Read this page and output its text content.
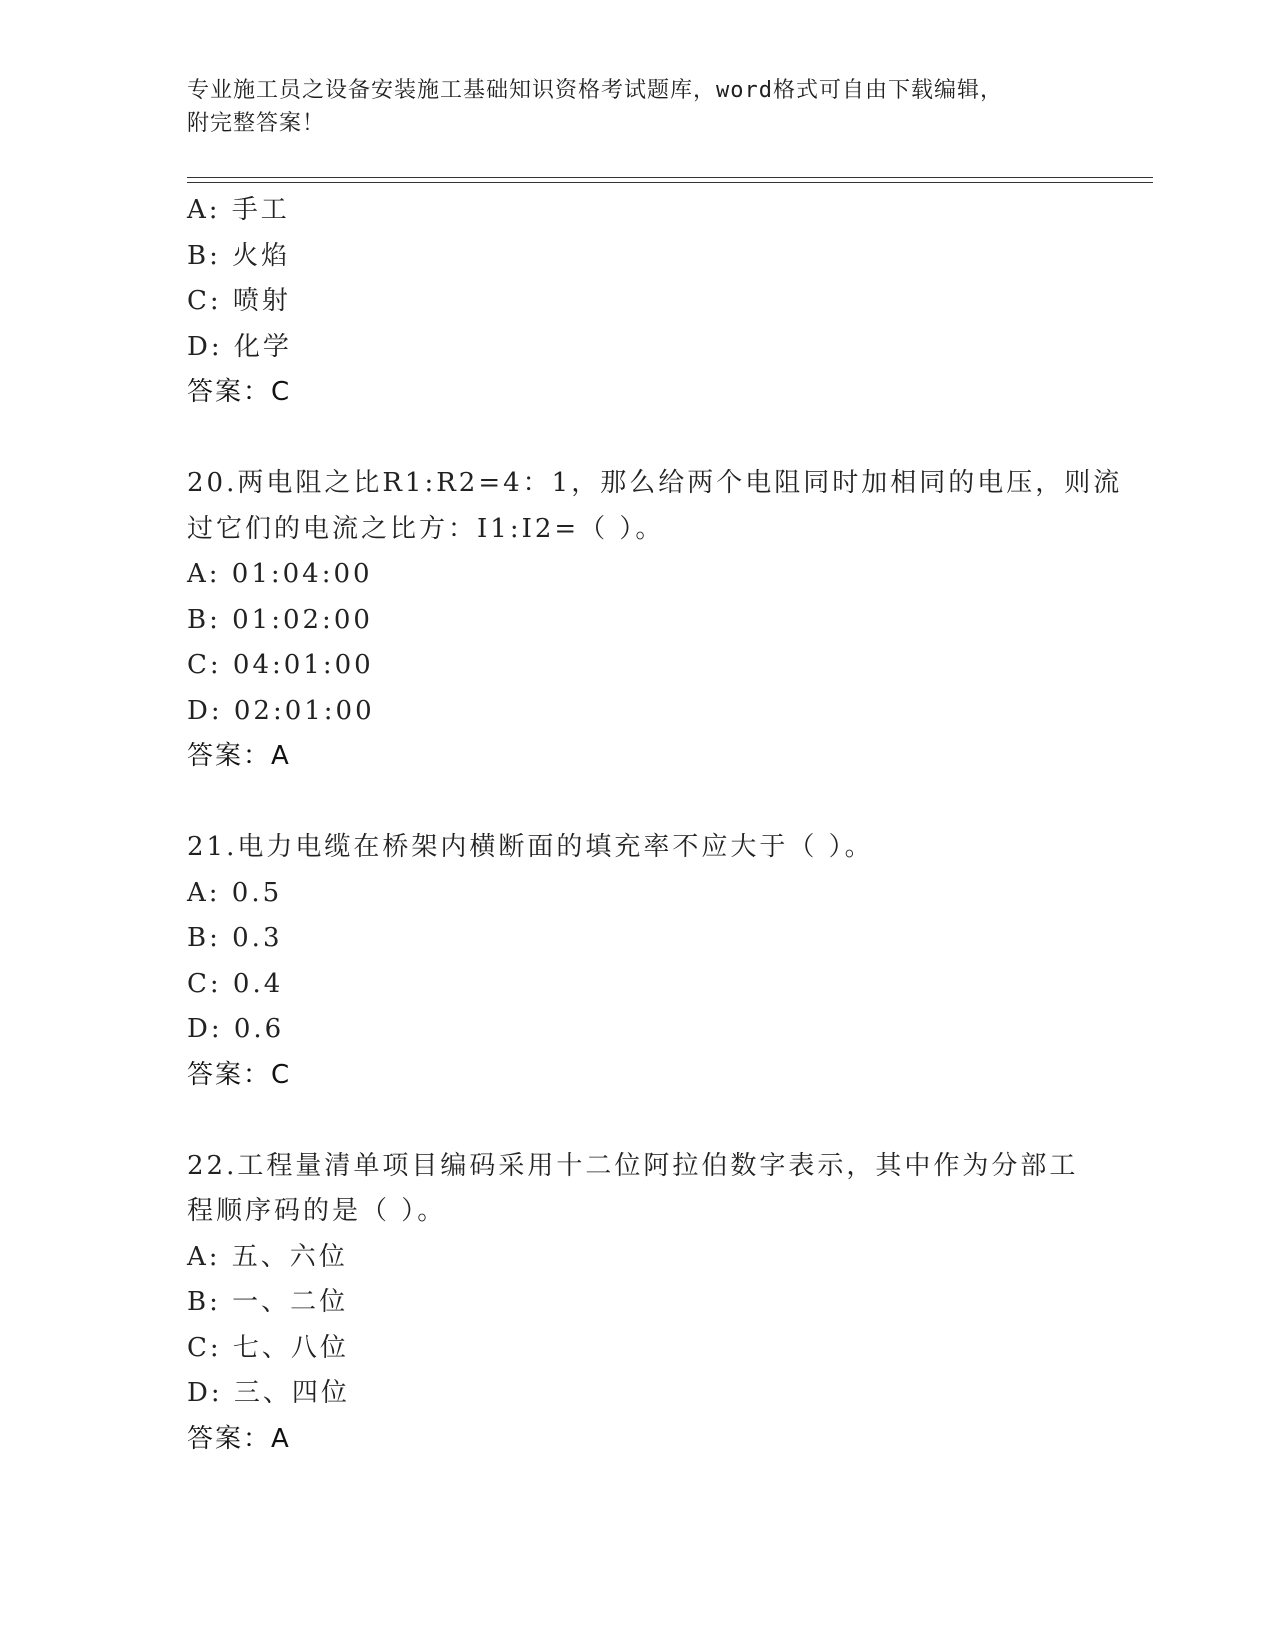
专业施工员之设备安装施工基础知识资格考试题库，word格式可自由下载编辑，
附完整答案！
A: 手工
B: 火焰
C: 喷射
D: 化学
答案：C
20.两电阻之比R1:R2=4：1，那么给两个电阻同时加相同的电压，则流
过它们的电流之比方：I1:I2=（ ）。
A: 01:04:00
B: 01:02:00
C: 04:01:00
D: 02:01:00
答案：A
21.电力电缆在桥架内横断面的填充率不应大于（ ）。
A: 0.5
B: 0.3
C: 0.4
D: 0.6
答案：C
22.工程量清单项目编码采用十二位阿拉伯数字表示，其中作为分部工
程顺序码的是（ ）。
A: 五、六位
B: 一、二位
C: 七、八位
D: 三、四位
答案：A
